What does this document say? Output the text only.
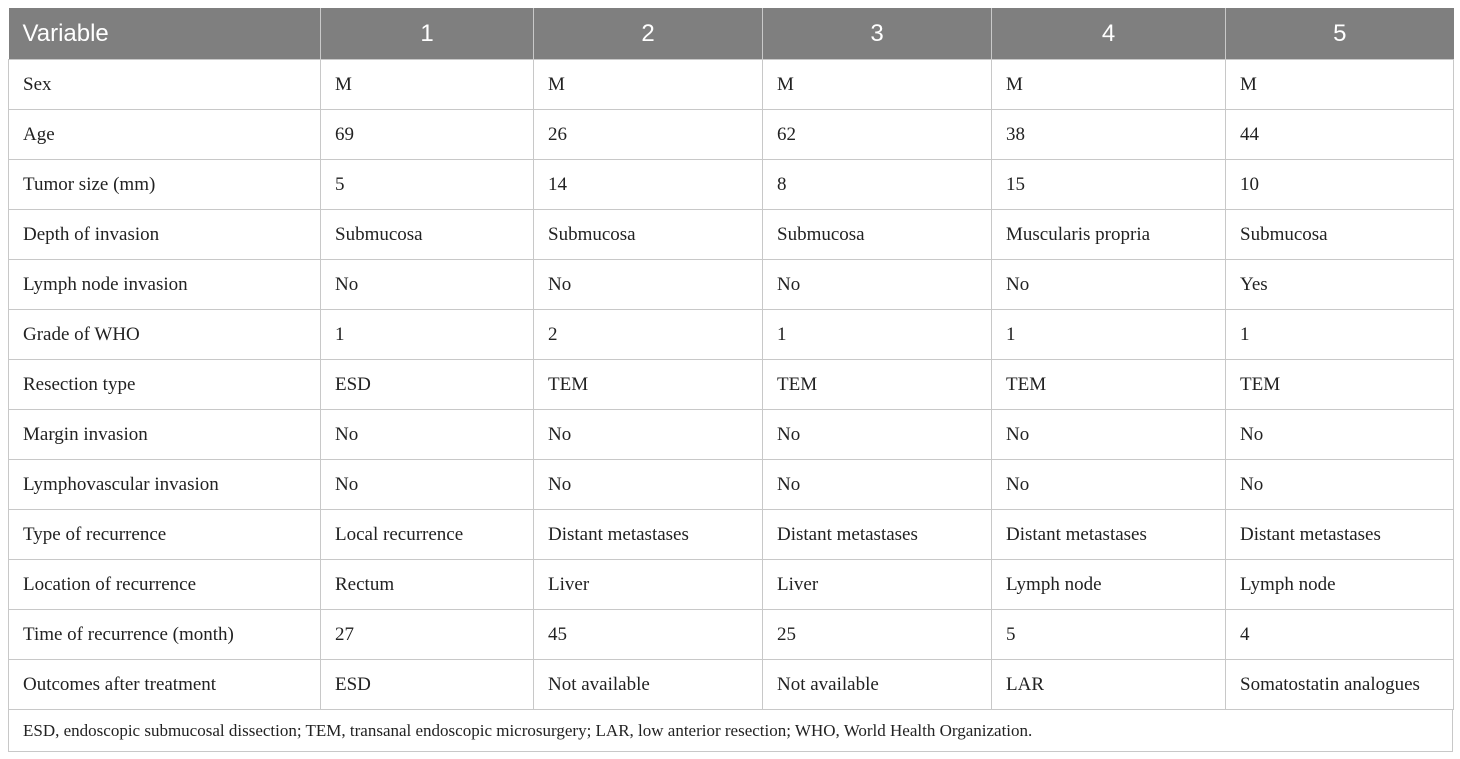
Variable	1	2	3	4	5
Sex	M	M	M	M	M
Age	69	26	62	38	44
Tumor size (mm)	5	14	8	15	10
Depth of invasion	Submucosa	Submucosa	Submucosa	Muscularis propria	Submucosa
Lymph node invasion	No	No	No	No	Yes
Grade of WHO	1	2	1	1	1
Resection type	ESD	TEM	TEM	TEM	TEM
Margin invasion	No	No	No	No	No
Lymphovascular invasion	No	No	No	No	No
Type of recurrence	Local recurrence	Distant metastases	Distant metastases	Distant metastases	Distant metastases
Location of recurrence	Rectum	Liver	Liver	Lymph node	Lymph node
Time of recurrence (month)	27	45	25	5	4
Outcomes after treatment	ESD	Not available	Not available	LAR	Somatostatin analogues
ESD, endoscopic submucosal dissection; TEM, transanal endoscopic microsurgery; LAR, low anterior resection; WHO, World Health Organization.
